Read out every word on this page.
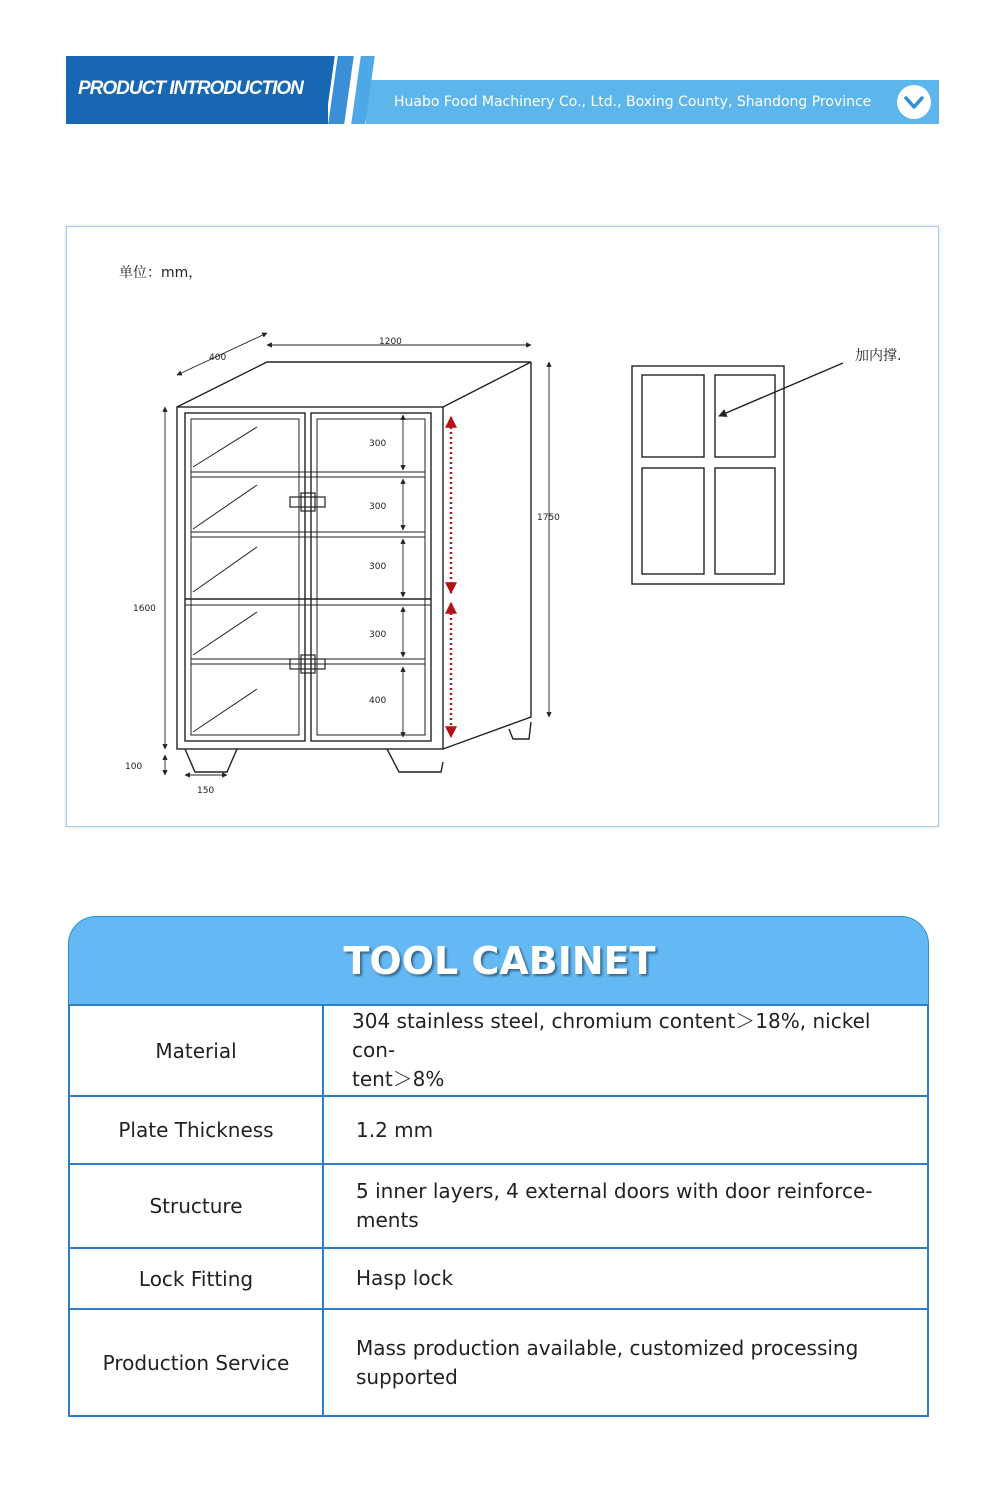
PRODUCT INTRODUCTION
Huabo Food Machinery Co., Ltd., Boxing County, Shandong Province
单位：mm，
加内撑.
400
1200
1750
1600
100
150
300
300
300
300
400
TOOL CABINET
Material	304 stainless steel, chromium content＞18%, nickel con-
tent＞8%
Plate Thickness	1.2 mm
Structure	5 inner layers, 4 external doors with door reinforce-
ments
Lock Fitting	Hasp lock
Production Service	Mass production available, customized processing
supported
